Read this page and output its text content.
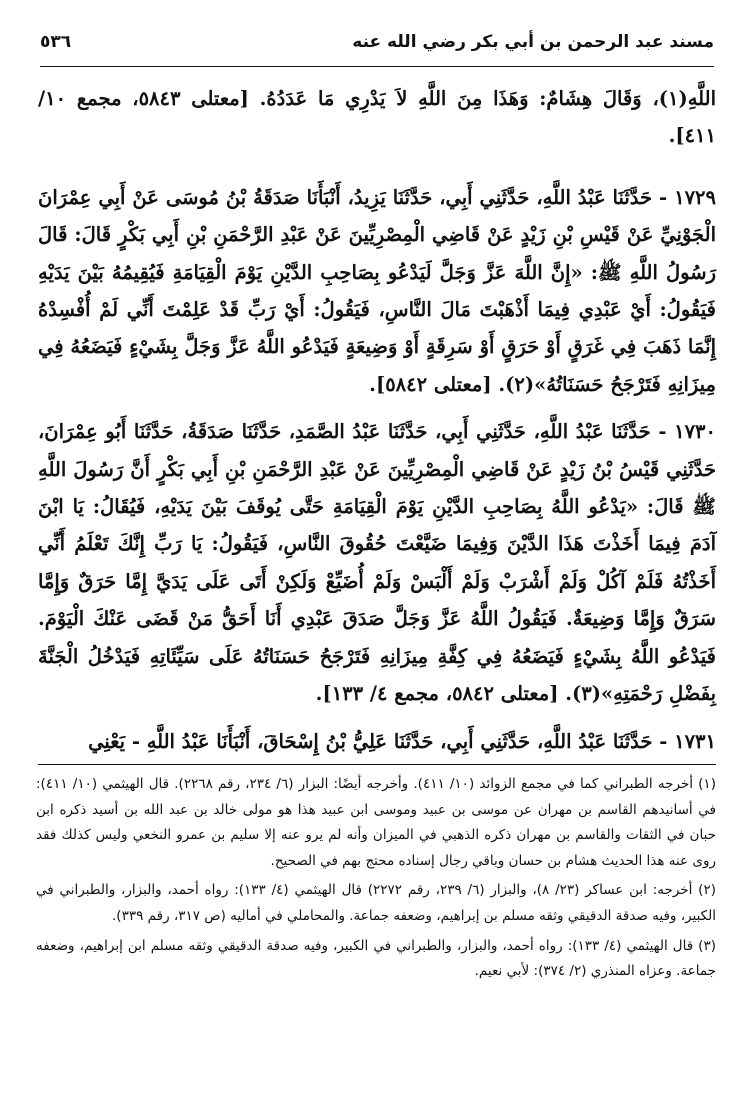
مسند عبد الرحمن بن أبي بكر رضي الله عنه
٥٣٦

اللَّهِ(١)، وَقَالَ هِشَامٌ: وَهَذَا مِنَ اللَّهِ لاَ يَدْرِي مَا عَدَدُهُ. [معتلى ٥٨٤٣، مجمع ١٠/ ٤١١].

١٧٢٩ - حَدَّثَنَا عَبْدُ اللَّهِ، حَدَّثَنِي أَبِي، حَدَّثَنَا يَزِيدُ، أَنْبَأَنَا صَدَقَةُ بْنُ مُوسَى عَنْ أَبِي عِمْرَانَ الْجَوْنِيِّ عَنْ قَيْسِ بْنِ زَيْدٍ عَنْ قَاضِي الْمِصْرِيِّينَ عَنْ عَبْدِ الرَّحْمَنِ بْنِ أَبِي بَكْرٍ قَالَ: قَالَ رَسُولُ اللَّهِ ﷺ: «إِنَّ اللَّهَ عَزَّ وَجَلَّ لَيَدْعُو بِصَاحِبِ الدَّيْنِ يَوْمَ الْقِيَامَةِ فَيُقِيمُهُ بَيْنَ يَدَيْهِ فَيَقُولُ: أَيْ عَبْدِي فِيمَا أَذْهَبْتَ مَالَ النَّاسِ، فَيَقُولُ: أَيْ رَبِّ قَدْ عَلِمْتَ أَنِّي لَمْ أُفْسِدْهُ إِنَّمَا ذَهَبَ فِي غَرَقٍ أَوْ حَرَقٍ أَوْ سَرِقَةٍ أَوْ وَضِيعَةٍ فَيَدْعُو اللَّهُ عَزَّ وَجَلَّ بِشَيْءٍ فَيَضَعُهُ فِي مِيزَانِهِ فَتَرْجَحُ حَسَنَاتُهُ»(٢). [معتلى ٥٨٤٢].

١٧٣٠ - حَدَّثَنَا عَبْدُ اللَّهِ، حَدَّثَنِي أَبِي، حَدَّثَنَا عَبْدُ الصَّمَدِ، حَدَّثَنَا صَدَقَةُ، حَدَّثَنَا أَبُو عِمْرَانَ، حَدَّثَنِي قَيْسُ بْنُ زَيْدٍ عَنْ قَاضِي الْمِصْرِيِّينَ عَنْ عَبْدِ الرَّحْمَنِ بْنِ أَبِي بَكْرٍ أَنَّ رَسُولَ اللَّهِ ﷺ قَالَ: «يَدْعُو اللَّهُ بِصَاحِبِ الدَّيْنِ يَوْمَ الْقِيَامَةِ حَتَّى يُوقَفَ بَيْنَ يَدَيْهِ، فَيُقَالُ: يَا ابْنَ آدَمَ فِيمَا أَخَذْتَ هَذَا الدَّيْنَ وَفِيمَا ضَيَّعْتَ حُقُوقَ النَّاسِ، فَيَقُولُ: يَا رَبِّ إِنَّكَ تَعْلَمُ أَنِّي أَخَذْتُهُ فَلَمْ آكُلْ وَلَمْ أَشْرَبْ وَلَمْ أَلْبَسْ وَلَمْ أُضَيِّعْ وَلَكِنْ أَتَى عَلَى يَدَيَّ إِمَّا حَرَقٌ وَإِمَّا سَرَقٌ وَإِمَّا وَضِيعَةٌ. فَيَقُولُ اللَّهُ عَزَّ وَجَلَّ صَدَقَ عَبْدِي أَنَا أَحَقُّ مَنْ قَضَى عَنْكَ الْيَوْمَ. فَيَدْعُو اللَّهُ بِشَيْءٍ فَيَضَعُهُ فِي كِفَّةِ مِيزَانِهِ فَتَرْجَحُ حَسَنَاتُهُ عَلَى سَيِّئَاتِهِ فَيَدْخُلُ الْجَنَّةَ بِفَضْلِ رَحْمَتِهِ»(٣). [معتلى ٥٨٤٢، مجمع ٤/ ١٣٣].

١٧٣١ - حَدَّثَنَا عَبْدُ اللَّهِ، حَدَّثَنِي أَبِي، حَدَّثَنَا عَلِيُّ بْنُ إِسْحَاقَ، أَنْبَأَنَا عَبْدُ اللَّهِ - يَعْنِي

(١) أخرجه الطبراني كما في مجمع الزوائد (١٠/ ٤١١). وأخرجه أيضًا: البزار (٦/ ٢٣٤، رقم ٢٢٦٨). قال الهيثمي (١٠/ ٤١١): في أسانيدهم القاسم بن مهران عن موسى بن عبيد وموسى ابن عبيد هذا هو مولى خالد بن عبد الله بن أسيد ذكره ابن حبان في الثقات والقاسم بن مهران ذكره الذهبي في الميزان وأنه لم يرو عنه إلا سليم بن عمرو النخعي وليس كذلك فقد روى عنه هذا الحديث هشام بن حسان وباقي رجال إسناده محتج بهم في الصحيح.

(٢) أخرجه: ابن عساكر (٢٣/ ٨)، والبزار (٦/ ٢٣٩، رقم ٢٢٧٢) قال الهيثمي (٤/ ١٣٣): رواه أحمد، والبزار، والطبراني في الكبير، وفيه صدقة الدقيقي وثقه مسلم بن إبراهيم، وضعفه جماعة. والمحاملي في أماليه (ص ٣١٧، رقم ٣٣٩).

(٣) قال الهيثمي (٤/ ١٣٣): رواه أحمد، والبزار، والطبراني في الكبير، وفيه صدقة الدقيقي وثقه مسلم ابن إبراهيم، وضعفه جماعة. وعزاه المنذري (٢/ ٣٧٤): لأبي نعيم.
